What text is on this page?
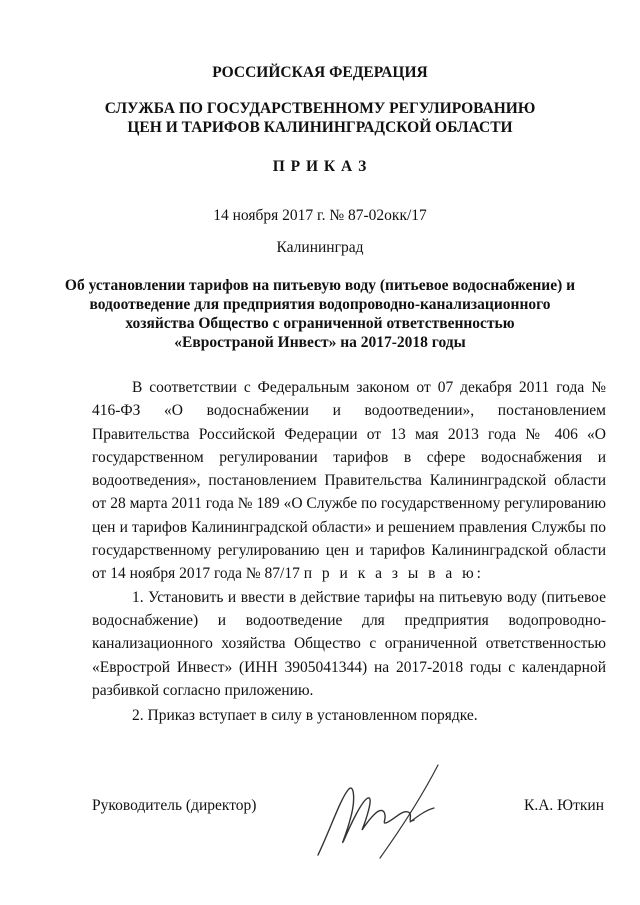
РОССИЙСКАЯ ФЕДЕРАЦИЯ
СЛУЖБА ПО ГОСУДАРСТВЕННОМУ РЕГУЛИРОВАНИЮ
ЦЕН И ТАРИФОВ КАЛИНИНГРАДСКОЙ ОБЛАСТИ
П Р И К А З
14 ноября 2017 г. № 87-02окк/17
Калининград
Об установлении тарифов на питьевую воду (питьевое водоснабжение) и
водоотведение для предприятия водопроводно-канализационного
хозяйства Общество с ограниченной ответственностью
«Евространой Инвест» на 2017-2018 годы

В соответствии с Федеральным законом от 07 декабря 2011 года № 416-ФЗ «О водоснабжении и водоотведении», постановлением Правительства Российской Федерации от 13 мая 2013 года № 406 «О государственном регулировании тарифов в сфере водоснабжения и водоотведения», постановлением Правительства Калининградской области от 28 марта 2011 года № 189 «О Службе по государственному регулированию цен и тарифов Калининградской области» и решением правления Службы по государственному регулированию цен и тарифов Калининградской области от 14 ноября 2017 года № 87/17 п р и к а з ы в а ю:

1. Установить и ввести в действие тарифы на питьевую воду (питьевое водоснабжение) и водоотведение для предприятия водопроводно-канализационного хозяйства Общество с ограниченной ответственностью «Еврострой Инвест» (ИНН 3905041344) на 2017-2018 годы с календарной разбивкой согласно приложению.

2. Приказ вступает в силу в установленном порядке.

Руководитель (директор)	К.А. Юткин
